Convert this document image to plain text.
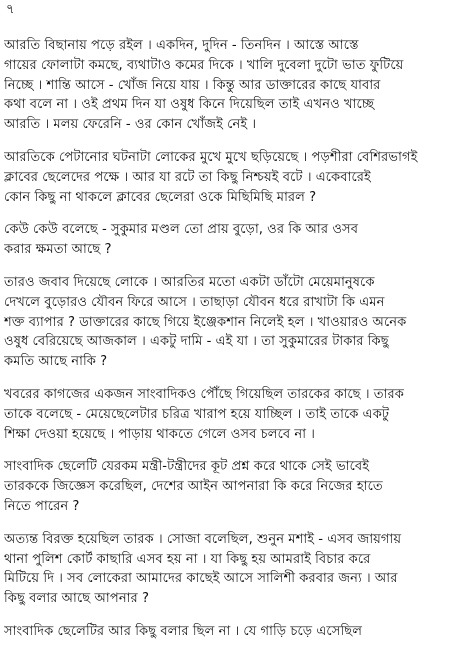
৭

আরতি বিছানায় পড়ে রইল । একদিন, দুদিন - তিনদিন । আস্তে আস্তে
গায়ের ফোলাটা কমছে, ব্যথাটাও কমের দিকে । খালি দুবেলা দুটো ভাত ফুটিয়ে
নিচ্ছে । শান্তি আসে - খোঁজ নিয়ে যায় । কিন্তু আর ডাক্তারের কাছে যাবার
কথা বলে না । ওই প্রথম দিন যা ওষুধ কিনে দিয়েছিল তাই এখনও খাচ্ছে
আরতি । মলয় ফেরেনি - ওর কোন খোঁজই নেই ।

আরতিকে পেটানোর ঘটনাটা লোকের মুখে মুখে ছড়িয়েছে । পড়শীরা বেশিরভাগই
ক্লাবের ছেলেদের পক্ষে । আর যা রটে তা কিছু নিশ্চয়ই বটে । একেবারেই
কোন কিছু না থাকলে ক্লাবের ছেলেরা ওকে মিছিমিছি মারল ?

কেউ কেউ বলেছে - সুকুমার মণ্ডল তো প্রায় বুড়ো, ওর কি আর ওসব
করার ক্ষমতা আছে ?

তারও জবাব দিয়েছে লোকে । আরতির মতো একটা ডাঁটো মেয়েমানুষকে
দেখলে বুড়োরও যৌবন ফিরে আসে । তাছাড়া যৌবন ধরে রাখাটা কি এমন
শক্ত ব্যাপার ? ডাক্তারের কাছে গিয়ে ইঞ্জেকশান নিলেই হল । খাওয়ারও অনেক
ওষুধ বেরিয়েছে আজকাল । একটু দামি - এই যা । তা সুকুমারের টাকার কিছু
কমতি আছে নাকি ?

খবরের কাগজের একজন সাংবাদিকও পৌঁছে গিয়েছিল তারকের কাছে । তারক
তাকে বলেছে - মেয়েছেলেটার চরিত্র খারাপ হয়ে যাচ্ছিল । তাই তাকে একটু
শিক্ষা দেওয়া হয়েছে । পাড়ায় থাকতে গেলে ওসব চলবে না ।

সাংবাদিক ছেলেটি যেরকম মন্ত্রী-টন্ত্রীদের কূট প্রশ্ন করে থাকে সেই ভাবেই
তারককে জিজ্ঞেস করেছিল, দেশের আইন আপনারা কি করে নিজের হাতে
নিতে পারেন ?

অত্যন্ত বিরক্ত হয়েছিল তারক । সোজা বলেছিল, শুনুন মশাই - এসব জায়গায়
থানা পুলিশ কোর্ট কাছারি এসব হয় না । যা কিছু হয় আমরাই বিচার করে
মিটিয়ে দি । সব লোকেরা আমাদের কাছেই আসে সালিশী করবার জন্য । আর
কিছু বলার আছে আপনার ?

সাংবাদিক ছেলেটির আর কিছু বলার ছিল না । যে গাড়ি চড়ে এসেছিল
